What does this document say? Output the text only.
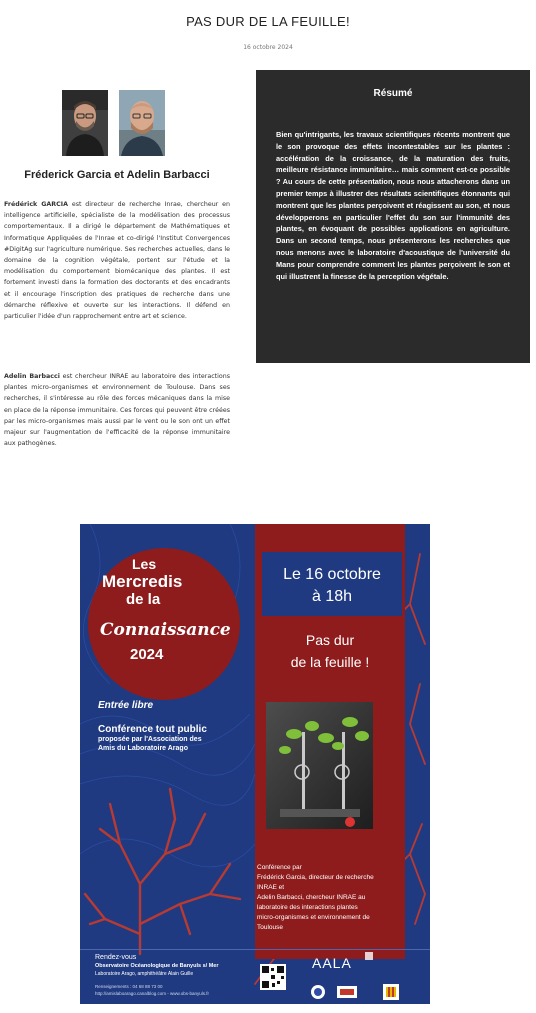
PAS DUR DE LA FEUILLE!
16 octobre 2024
Fréderick Garcia et Adelin Barbacci
Frédérick GARCIA est directeur de recherche Inrae, chercheur en intelligence artificielle, spécialiste de la modélisation des processus comportementaux. Il a dirigé le département de Mathématiques et Informatique Appliquées de l'Inrae et co-dirigé l'Institut Convergences #DigitAg sur l'agriculture numérique. Ses recherches actuelles, dans le domaine de la cognition végétale, portent sur l'étude et la modélisation du comportement biomécanique des plantes. Il est fortement investi dans la formation des doctorants et des encadrants et il encourage l'inscription des pratiques de recherche dans une démarche réflexive et ouverte sur les interactions. Il défend en particulier l'idée d'un rapprochement entre art et science.
Adelin Barbacci est chercheur INRAE au laboratoire des interactions plantes micro-organismes et environnement de Toulouse. Dans ses recherches, il s'intéresse au rôle des forces mécaniques dans la mise en place de la réponse immunitaire. Ces forces qui peuvent être créées par les micro-organismes mais aussi par le vent ou le son ont un effet majeur sur l'augmentation de l'efficacité de la réponse immunitaire aux pathogènes.
Résumé
Bien qu'intrigants, les travaux scientifiques récents montrent que le son provoque des effets incontestables sur les plantes : accélération de la croissance, de la maturation des fruits, meilleure résistance immunitaire… mais comment est-ce possible ? Au cours de cette présentation, nous nous attacherons dans un premier temps à illustrer des résultats scientifiques étonnants qui montrent que les plantes perçoivent et réagissent au son, et nous développerons en particulier l'effet du son sur l'immunité des plantes, en évoquant de possibles applications en agriculture. Dans un second temps, nous présenterons les recherches que nous menons avec le laboratoire d'acoustique de l'université du Mans pour comprendre comment les plantes perçoivent le son et qui illustrent la finesse de la perception végétale.
Les
Mercredis
de la
Connaissance
2024
Le 16 octobre
à 18h
Pas dur
de la feuille !
Entrée libre
Conférence tout public
proposée par l'Association des
Amis du Laboratoire Arago
Conférence par
Frédérick Garcia, directeur de recherche
INRAE et
Adelin Barbacci, chercheur INRAE au
laboratoire des interactions plantes
micro-organismes et environnement de
Toulouse
Rendez-vous
Observatoire Océanologique de Banyuls s/ Mer
Laboratoire Arago, amphithéâtre Alain Guille
Renseignements : 04 68 88 73 00
http://amislaboarago.canalblog.com - www.obs-banyuls.fr
AALA
